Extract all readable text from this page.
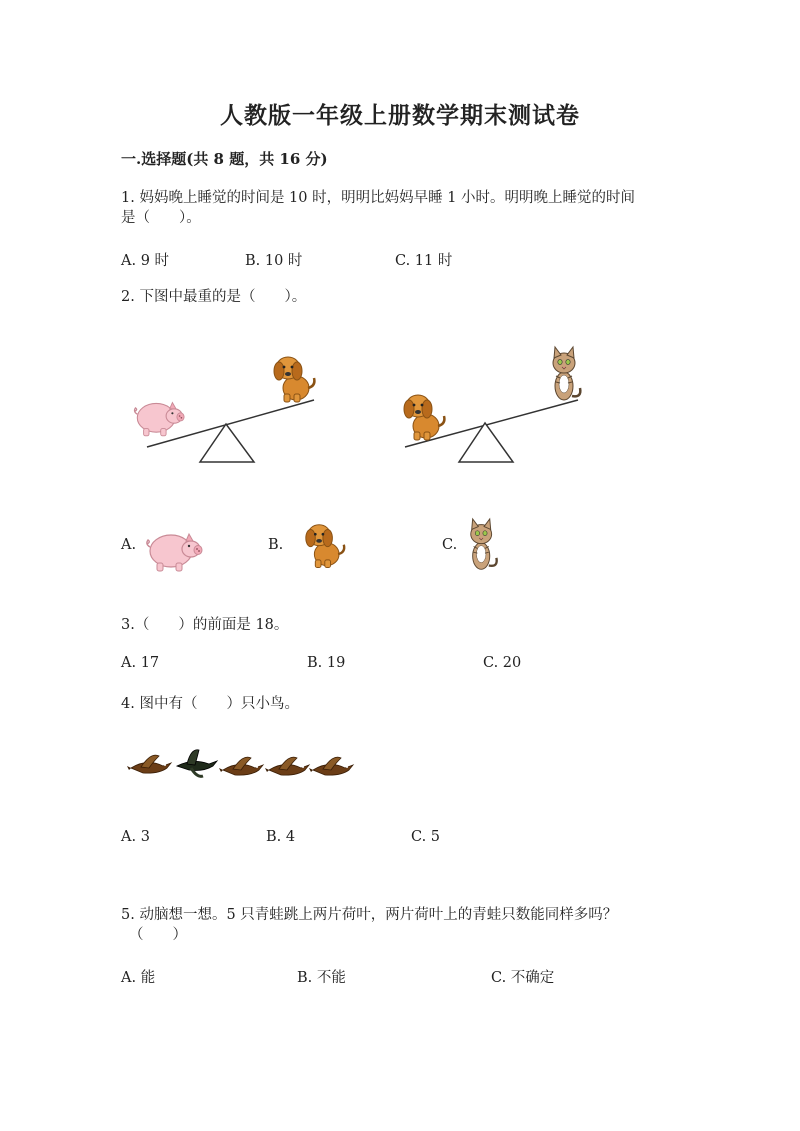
人教版一年级上册数学期末测试卷
一.选择题(共 8 题，共 16 分)
1. 妈妈晚上睡觉的时间是 10 时，明明比妈妈早睡 1 小时。明明晚上睡觉的时间
是（　　）。
A. 9 时	B. 10 时	C. 11 时
2. 下图中最重的是（　　）。
A.	B.	C.
3.（　　）的前面是 18。
A. 17	B. 19	C. 20
4. 图中有（　　）只小鸟。
A. 3	B. 4	C. 5
5. 动脑想一想。5 只青蛙跳上两片荷叶，两片荷叶上的青蛙只数能同样多吗？
（　　）
A. 能	B. 不能	C. 不确定
